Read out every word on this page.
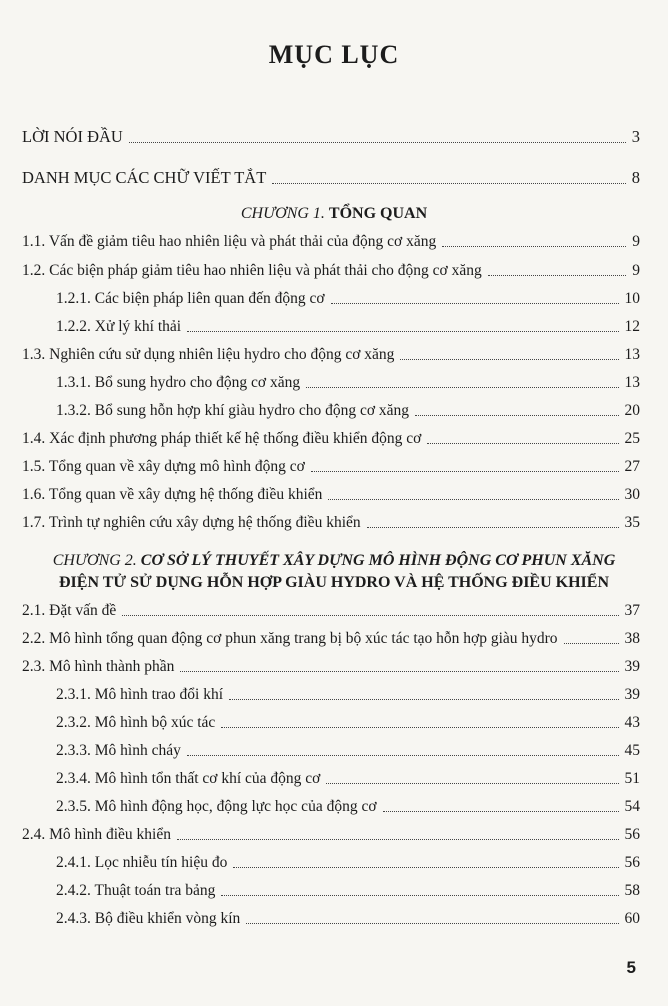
MỤC LỤC
LỜI NÓI ĐẦU	3
DANH MỤC CÁC CHỮ VIẾT TẮT	8
CHƯƠNG 1. TỔNG QUAN
1.1. Vấn đề giảm tiêu hao nhiên liệu và phát thải của động cơ xăng	9
1.2. Các biện pháp giảm tiêu hao nhiên liệu và phát thải cho động cơ xăng	9
1.2.1. Các biện pháp liên quan đến động cơ	10
1.2.2. Xử lý khí thải	12
1.3. Nghiên cứu sử dụng nhiên liệu hydro cho động cơ xăng	13
1.3.1. Bổ sung hydro cho động cơ xăng	13
1.3.2. Bổ sung hỗn hợp khí giàu hydro cho động cơ xăng	20
1.4. Xác định phương pháp thiết kế hệ thống điều khiển động cơ	25
1.5. Tổng quan về xây dựng mô hình động cơ	27
1.6. Tổng quan về xây dựng hệ thống điều khiển	30
1.7. Trình tự nghiên cứu xây dựng hệ thống điều khiển	35
CHƯƠNG 2. CƠ SỞ LÝ THUYẾT XÂY DỰNG MÔ HÌNH ĐỘNG CƠ PHUN XĂNG
ĐIỆN TỬ SỬ DỤNG HỖN HỢP GIÀU HYDRO VÀ HỆ THỐNG ĐIỀU KHIỂN
2.1. Đặt vấn đề	37
2.2. Mô hình tổng quan động cơ phun xăng trang bị bộ xúc tác tạo hỗn hợp giàu hydro	38
2.3. Mô hình thành phần	39
2.3.1. Mô hình trao đổi khí	39
2.3.2. Mô hình bộ xúc tác	43
2.3.3. Mô hình cháy	45
2.3.4. Mô hình tổn thất cơ khí của động cơ	51
2.3.5. Mô hình động học, động lực học của động cơ	54
2.4. Mô hình điều khiển	56
2.4.1. Lọc nhiễu tín hiệu đo	56
2.4.2. Thuật toán tra bảng	58
2.4.3. Bộ điều khiển vòng kín	60
5
